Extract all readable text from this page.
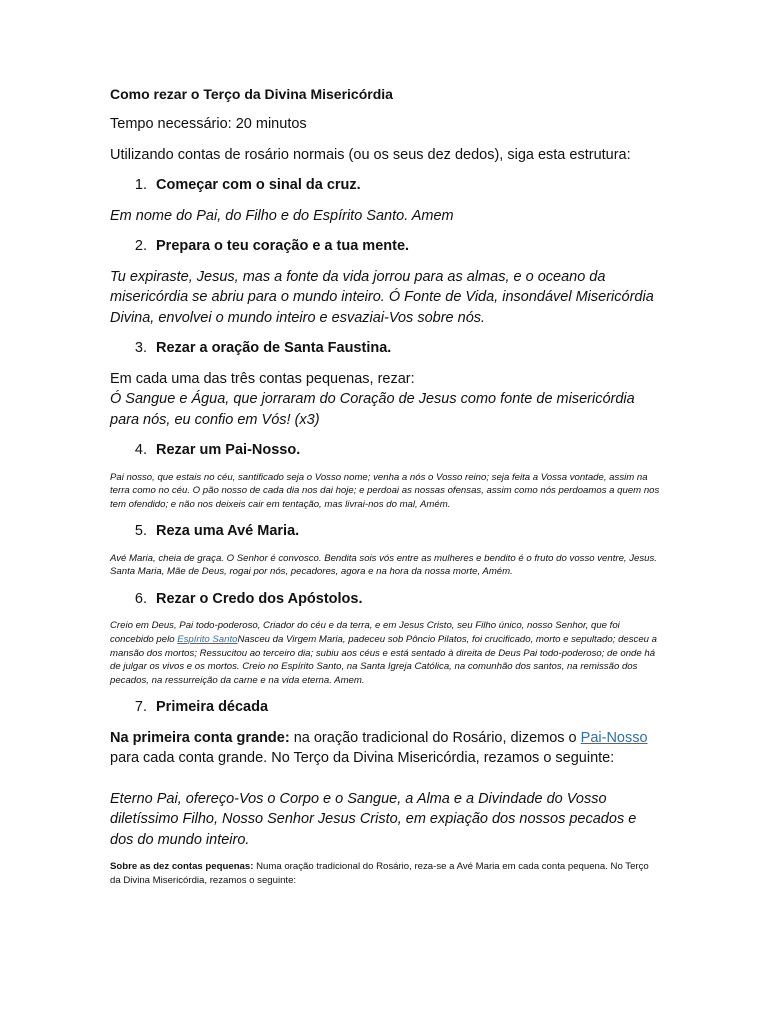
Como rezar o Terço da Divina Misericórdia

Tempo necessário: 20 minutos

Utilizando contas de rosário normais (ou os seus dez dedos), siga esta estrutura:

1. Começar com o sinal da cruz.

Em nome do Pai, do Filho e do Espírito Santo. Amem

2. Prepara o teu coração e a tua mente.

Tu expiraste, Jesus, mas a fonte da vida jorrou para as almas, e o oceano da misericórdia se abriu para o mundo inteiro. Ó Fonte de Vida, insondável Misericórdia Divina, envolvei o mundo inteiro e esvaziai-Vos sobre nós.

3. Rezar a oração de Santa Faustina.

Em cada uma das três contas pequenas, rezar:

Ó Sangue e Água, que jorraram do Coração de Jesus como fonte de misericórdia para nós, eu confio em Vós! (x3)

4. Rezar um Pai-Nosso.

Pai nosso, que estais no céu, santificado seja o Vosso nome; venha a nós o Vosso reino; seja feita a Vossa vontade, assim na terra como no céu. O pão nosso de cada dia nos dai hoje; e perdoai as nossas ofensas, assim como nós perdoamos a quem nos tem ofendido; e não nos deixeis cair em tentação, mas livrai-nos do mal, Amém.

5. Reza uma Avé Maria.

Avé Maria, cheia de graça. O Senhor é convosco. Bendita sois vós entre as mulheres e bendito é o fruto do vosso ventre, Jesus. Santa Maria, Mãe de Deus, rogai por nós, pecadores, agora e na hora da nossa morte, Amém.

6. Rezar o Credo dos Apóstolos.

Creio em Deus, Pai todo-poderoso, Criador do céu e da terra, e em Jesus Cristo, seu Filho único, nosso Senhor, que foi concebido pelo Espírito SantoNasceu da Virgem Maria, padeceu sob Pôncio Pilatos, foi crucificado, morto e sepultado; desceu a mansão dos mortos; Ressucitou ao terceiro dia; subiu aos céus e está sentado à direita de Deus Pai todo-poderoso; de onde há de julgar os vivos e os mortos. Creio no Espírito Santo, na Santa Igreja Católica, na comunhão dos santos, na remissão dos pecados, na ressurreição da carne e na vida eterna. Amem.

7. Primeira década

Na primeira conta grande: na oração tradicional do Rosário, dizemos o Pai-Nosso para cada conta grande. No Terço da Divina Misericórdia, rezamos o seguinte:

Eterno Pai, ofereço-Vos o Corpo e o Sangue, a Alma e a Divindade do Vosso diletíssimo Filho, Nosso Senhor Jesus Cristo, em expiação dos nossos pecados e dos do mundo inteiro.

Sobre as dez contas pequenas: Numa oração tradicional do Rosário, reza-se a Avé Maria em cada conta pequena. No Terço da Divina Misericórdia, rezamos o seguinte:
